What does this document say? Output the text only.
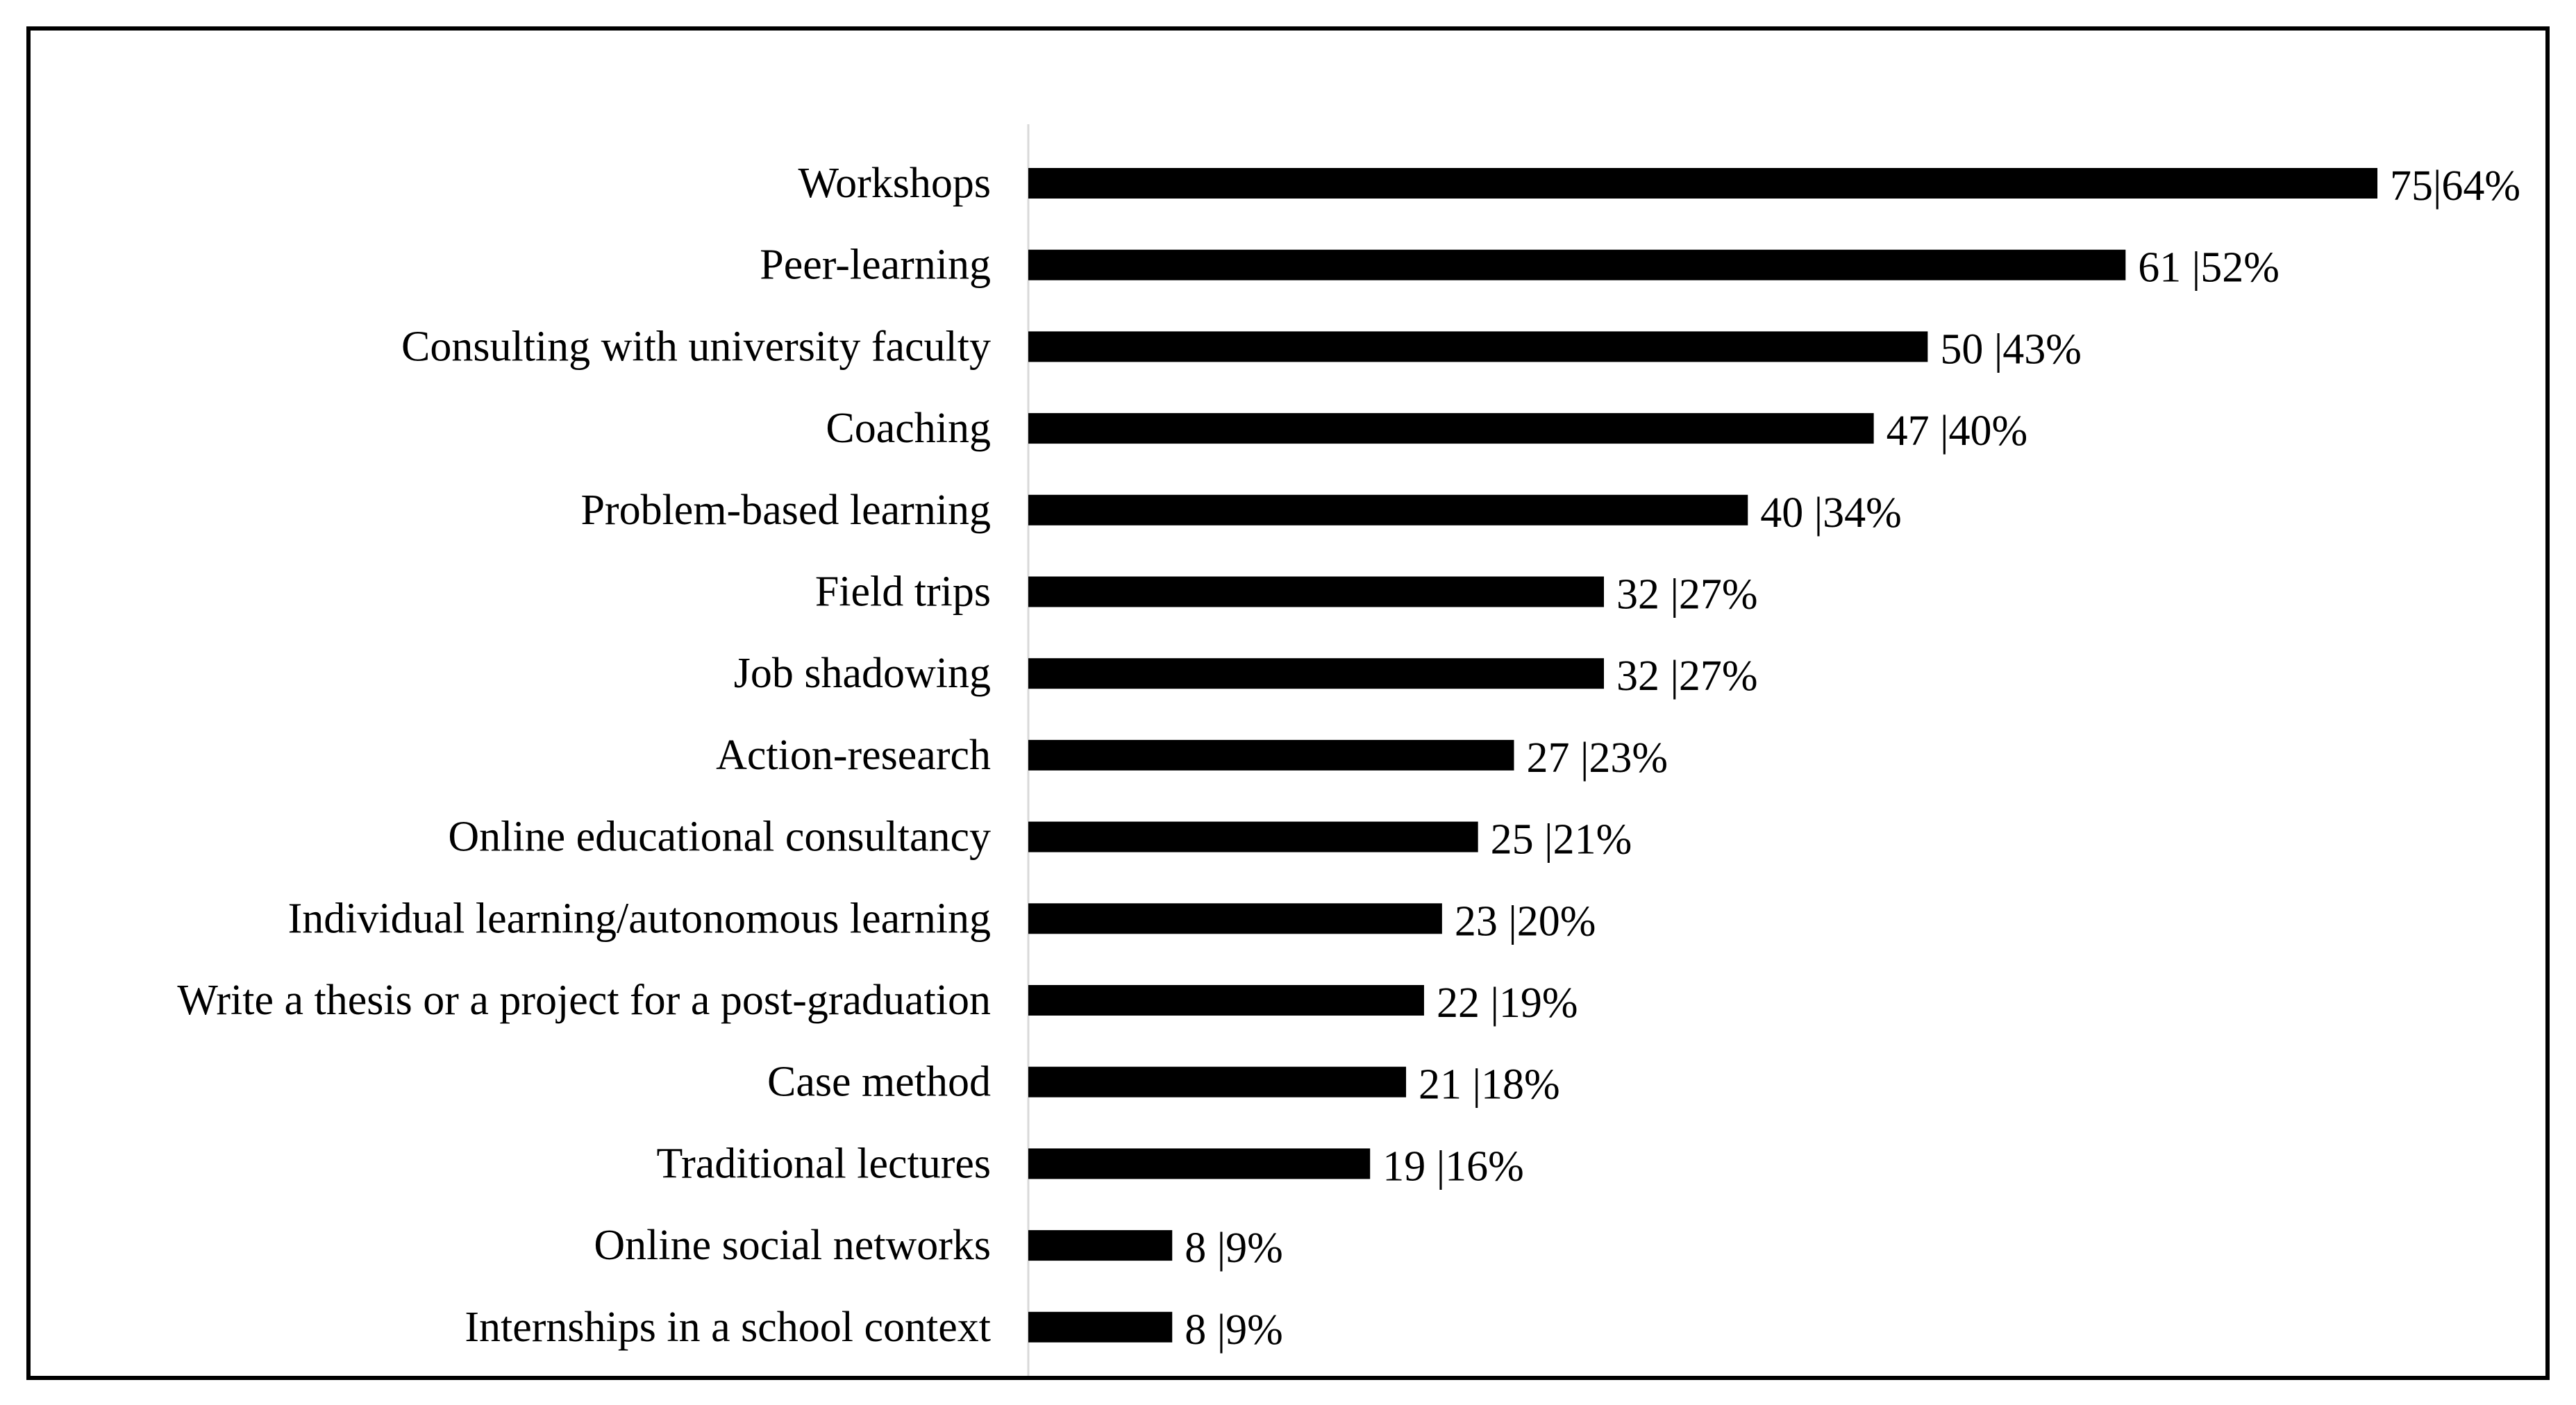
Workshops
Peer-learning
Consulting with university faculty
Coaching
Problem-based learning
Field trips
Job shadowing
Action-research
Online educational consultancy
Individual learning/autonomous learning
Write a thesis or a project for a post-graduation
Case method
Traditional lectures
Online social networks
Internships in a school context
75|64%
61 |52%
50 |43%
47 |40%
40 |34%
32 |27%
32 |27%
27 |23%
25 |21%
23 |20%
22 |19%
21 |18%
19 |16%
8 |9%
8 |9%
